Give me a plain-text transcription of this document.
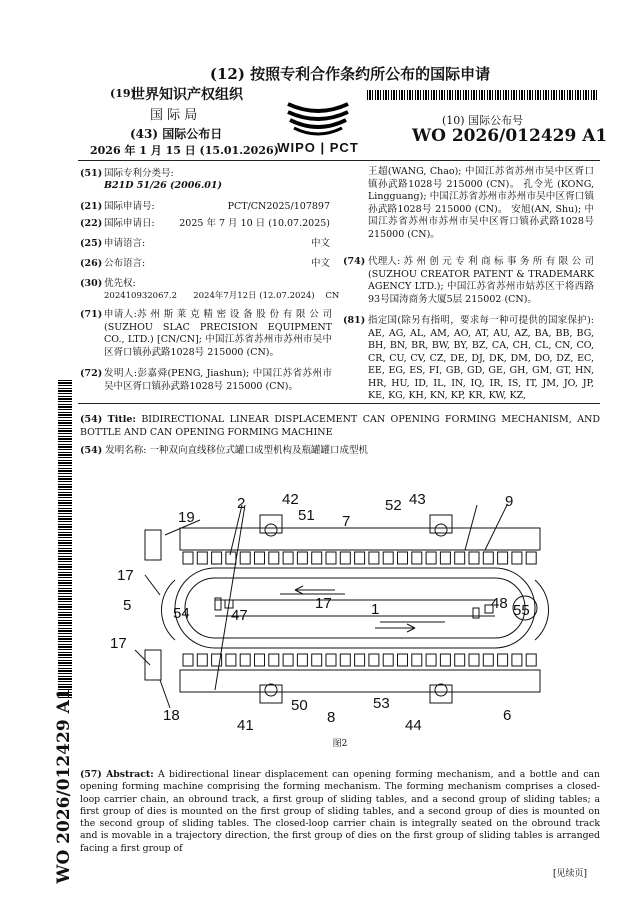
(12) 按照专利合作条约所公布的国际申请
(19)
世界知识产权组织
国 际 局
(43) 国际公布日
2026 年 1 月 15 日 (15.01.2026)
WIPO | PCT
(10) 国际公布号
WO 2026/012429 A1
(51) 国际专利分类号:
B21D 51/26 (2006.01)
(21) 国际申请号:	PCT/CN2025/107897
(22) 国际申请日:	2025 年 7 月 10 日 (10.07.2025)
(25) 申请语言:	中文
(26) 公布语言:	中文
(30) 优先权:
202410932067.2      2024年7月12日 (12.07.2024)    CN
(71) 申请人:苏 州 斯 莱 克 精 密 设 备 股 份 有 限 公 司 (SUZHOU SLAC PRECISION EQUIPMENT CO., LTD.) [CN/CN]; 中国江苏省苏州市苏州市吴中区胥口镇孙武路1028号 215000 (CN)。
(72) 发明人:彭嘉舜(PENG, Jiashun); 中国江苏省苏州市吴中区胥口镇孙武路1028号 215000 (CN)。
王超(WANG, Chao); 中国江苏省苏州市吴中区胥口镇孙武路1028号 215000 (CN)。 孔令光 (KONG, Lingguang); 中国江苏省苏州市苏州市吴中区胥口镇孙武路1028号 215000 (CN)。 安旭(AN, Shu); 中国江苏省苏州市苏州市吴中区胥口镇孙武路1028号 215000 (CN)。
(74) 代理人: 苏 州 创 元 专 利 商 标 事 务 所 有 限 公 司 (SUZHOU CREATOR PATENT & TRADEMARK AGENCY LTD.); 中国江苏省苏州市姑苏区干将西路93号国涛商务大厦5层 215002 (CN)。
(81) 指定国(除另有指明，要求每一种可提供的国家保护): AE, AG, AL, AM, AO, AT, AU, AZ, BA, BB, BG, BH, BN, BR, BW, BY, BZ, CA, CH, CL, CN, CO, CR, CU, CV, CZ, DE, DJ, DK, DM, DO, DZ, EC, EE, EG, ES, FI, GB, GD, GE, GH, GM, GT, HN, HR, HU, ID, IL, IN, IQ, IR, IS, IT, JM, JO, JP, KE, KG, KH, KN, KP, KR, KW, KZ,
(54) Title: BIDIRECTIONAL LINEAR DISPLACEMENT CAN OPENING FORMING MECHANISM, AND BOTTLE AND CAN OPENING FORMING MACHINE
(54) 发明名称: 一种双向直线移位式罐口成型机构及瓶罐罐口成型机
19
2 42
51 7
52 43	9
17
5	54	47
17	1	48 55
17
18
41
50
8
53
44
6
图2
(57) Abstract: A bidirectional linear displacement can opening forming mechanism, and a bottle and can opening forming machine comprising the forming mechanism. The forming mechanism comprises a closed-loop carrier chain, an obround track, a first group of sliding tables, and a second group of sliding tables; a first group of dies is mounted on the first group of sliding tables, and a second group of dies is mounted on the second group of sliding tables. The closed-loop carrier chain is integrally seated on the obround track and is movable in a trajectory direction, the first group of dies on the first group of sliding tables is arranged facing a first group of
WO 2026/012429 A1	[见续页]
